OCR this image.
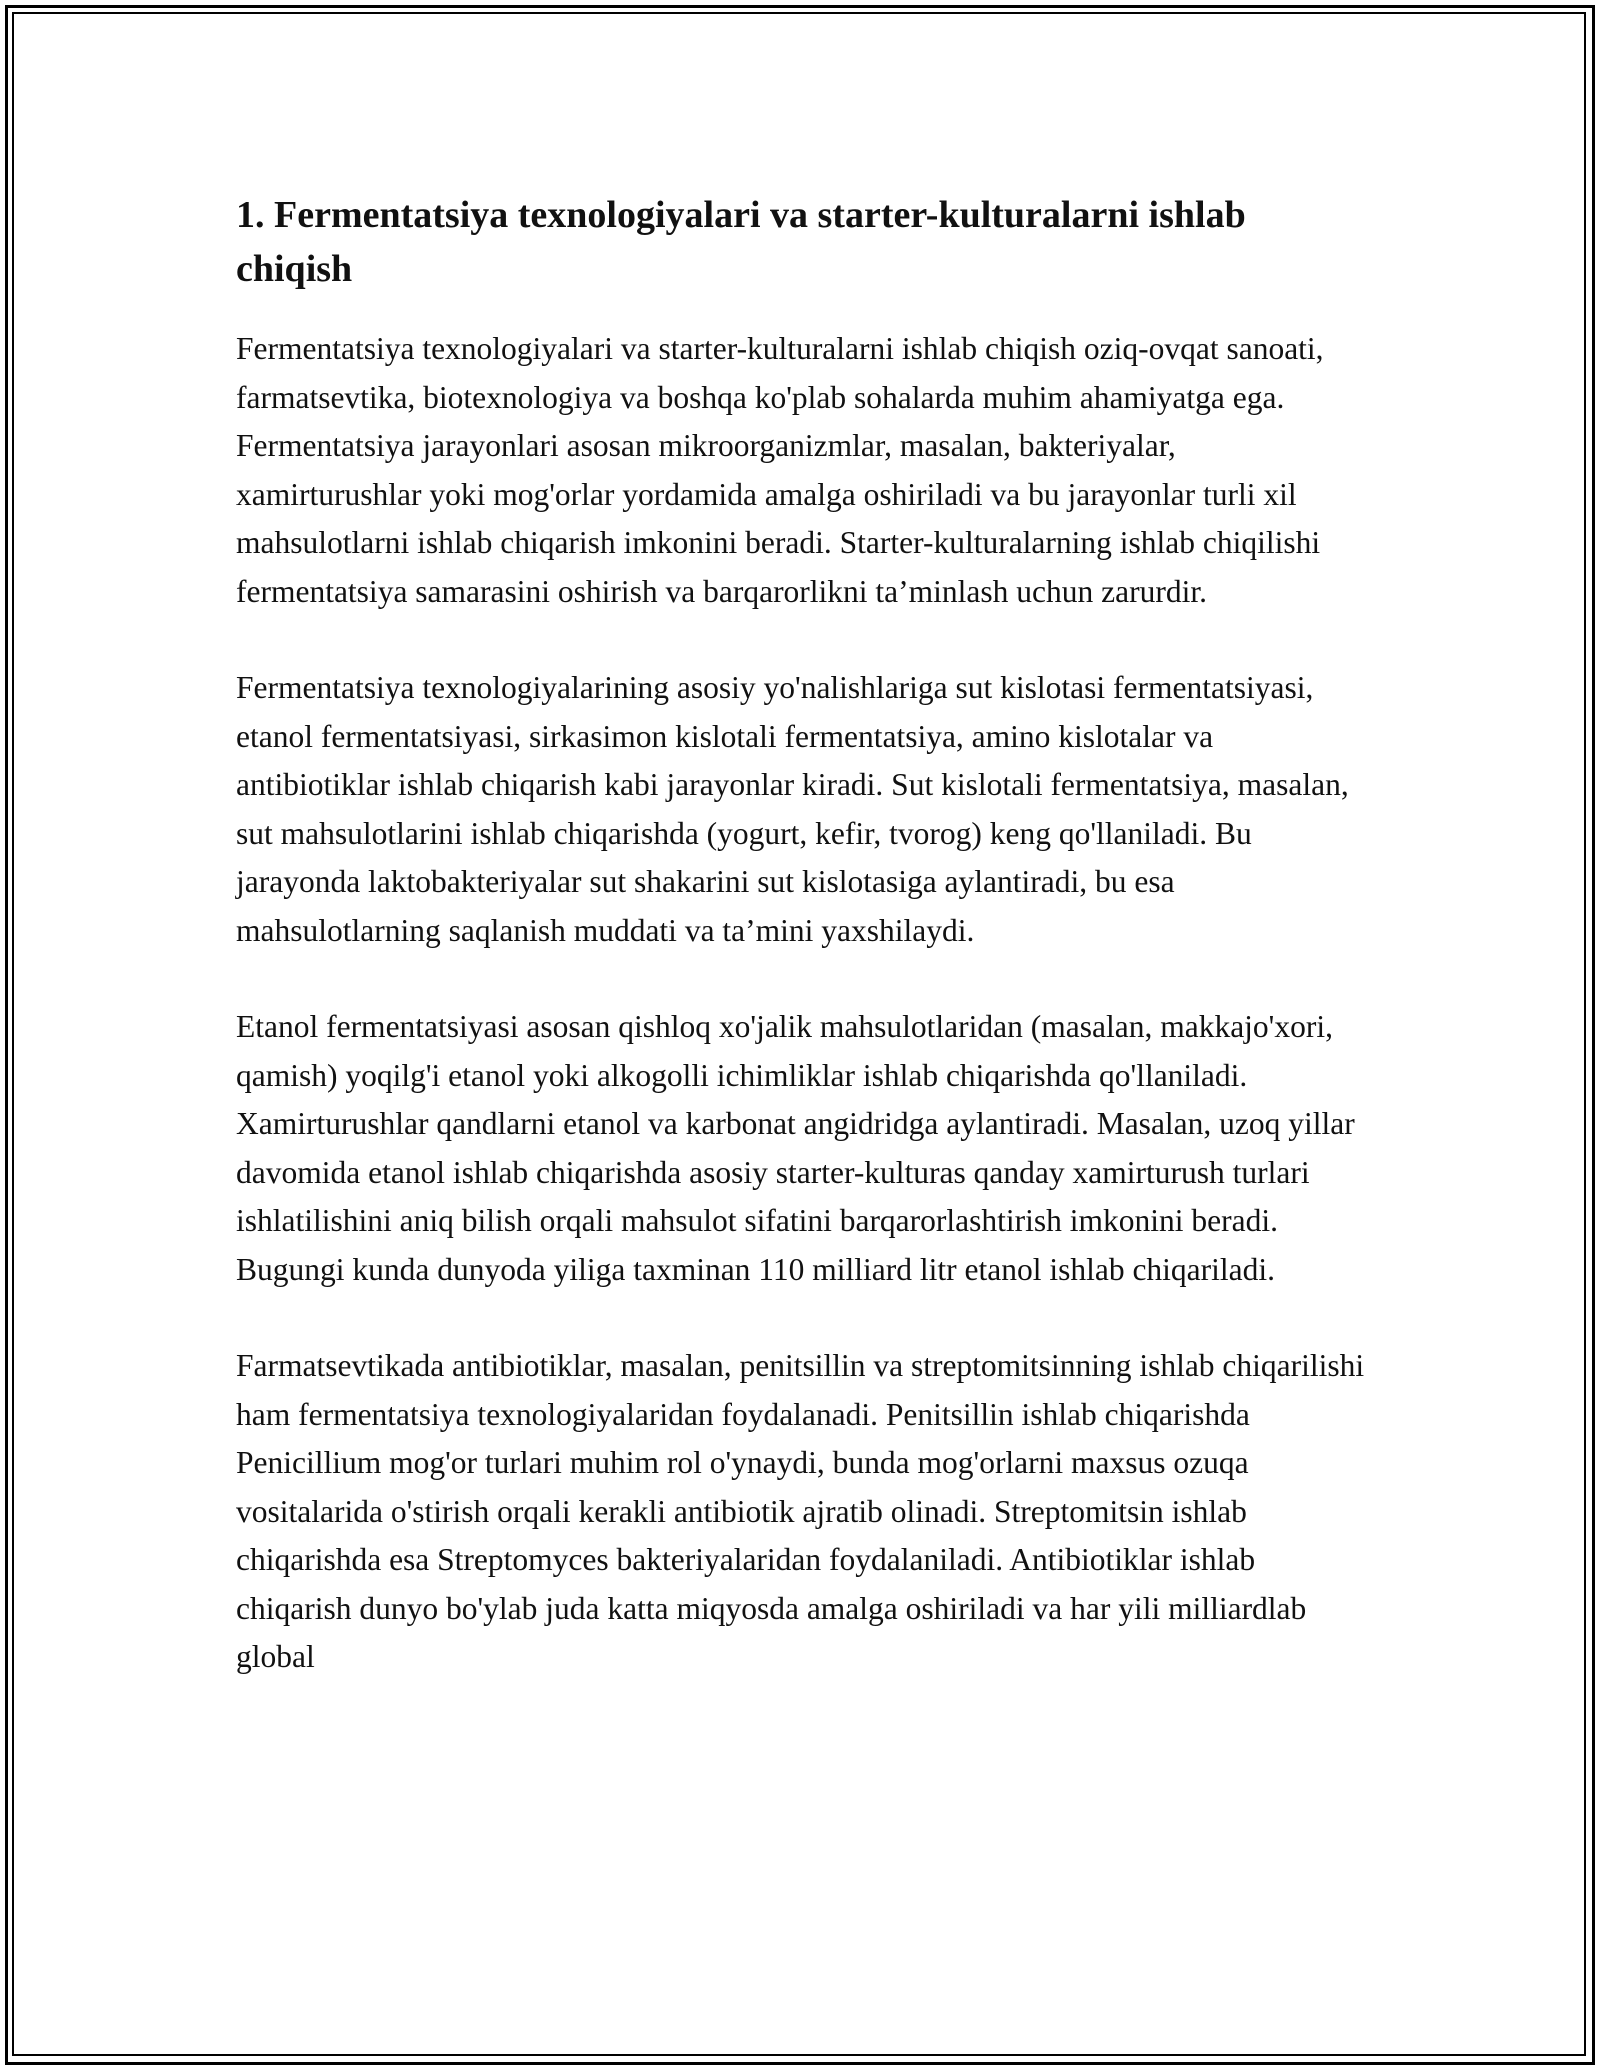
1. Fermentatsiya texnologiyalari va starter-kulturalarni ishlab chiqish

Fermentatsiya texnologiyalari va starter-kulturalarni ishlab chiqish oziq-ovqat sanoati, farmatsevtika, biotexnologiya va boshqa ko'plab sohalarda muhim ahamiyatga ega. Fermentatsiya jarayonlari asosan mikroorganizmlar, masalan, bakteriyalar, xamirturushlar yoki mog'orlar yordamida amalga oshiriladi va bu jarayonlar turli xil mahsulotlarni ishlab chiqarish imkonini beradi. Starter-kulturalarning ishlab chiqilishi fermentatsiya samarasini oshirish va barqarorlikni ta’minlash uchun zarurdir.

Fermentatsiya texnologiyalarining asosiy yo'nalishlariga sut kislotasi fermentatsiyasi, etanol fermentatsiyasi, sirkasimon kislotali fermentatsiya, amino kislotalar va antibiotiklar ishlab chiqarish kabi jarayonlar kiradi. Sut kislotali fermentatsiya, masalan, sut mahsulotlarini ishlab chiqarishda (yogurt, kefir, tvorog) keng qo'llaniladi. Bu jarayonda laktobakteriyalar sut shakarini sut kislotasiga aylantiradi, bu esa mahsulotlarning saqlanish muddati va ta’mini yaxshilaydi.

Etanol fermentatsiyasi asosan qishloq xo'jalik mahsulotlaridan (masalan, makkajo'xori, qamish) yoqilg'i etanol yoki alkogolli ichimliklar ishlab chiqarishda qo'llaniladi. Xamirturushlar qandlarni etanol va karbonat angidridga aylantiradi. Masalan, uzoq yillar davomida etanol ishlab chiqarishda asosiy starter-kulturas qanday xamirturush turlari ishlatilishini aniq bilish orqali mahsulot sifatini barqarorlashtirish imkonini beradi. Bugungi kunda dunyoda yiliga taxminan 110 milliard litr etanol ishlab chiqariladi.

Farmatsevtikada antibiotiklar, masalan, penitsillin va streptomitsinning ishlab chiqarilishi ham fermentatsiya texnologiyalaridan foydalanadi. Penitsillin ishlab chiqarishda Penicillium mog'or turlari muhim rol o'ynaydi, bunda mog'orlarni maxsus ozuqa vositalarida o'stirish orqali kerakli antibiotik ajratib olinadi. Streptomitsin ishlab chiqarishda esa Streptomyces bakteriyalaridan foydalaniladi. Antibiotiklar ishlab chiqarish dunyo bo'ylab juda katta miqyosda amalga oshiriladi va har yili milliardlab global
